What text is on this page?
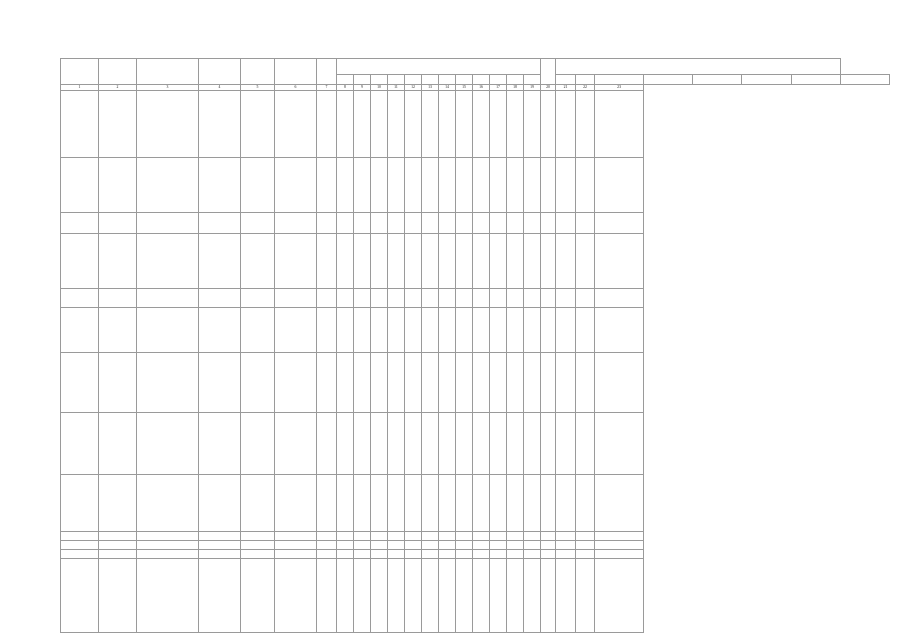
1	2	3	4	5	6	7	8	9	10	11	12	13	14	15	16	17	18	19	20	21	22	23					
